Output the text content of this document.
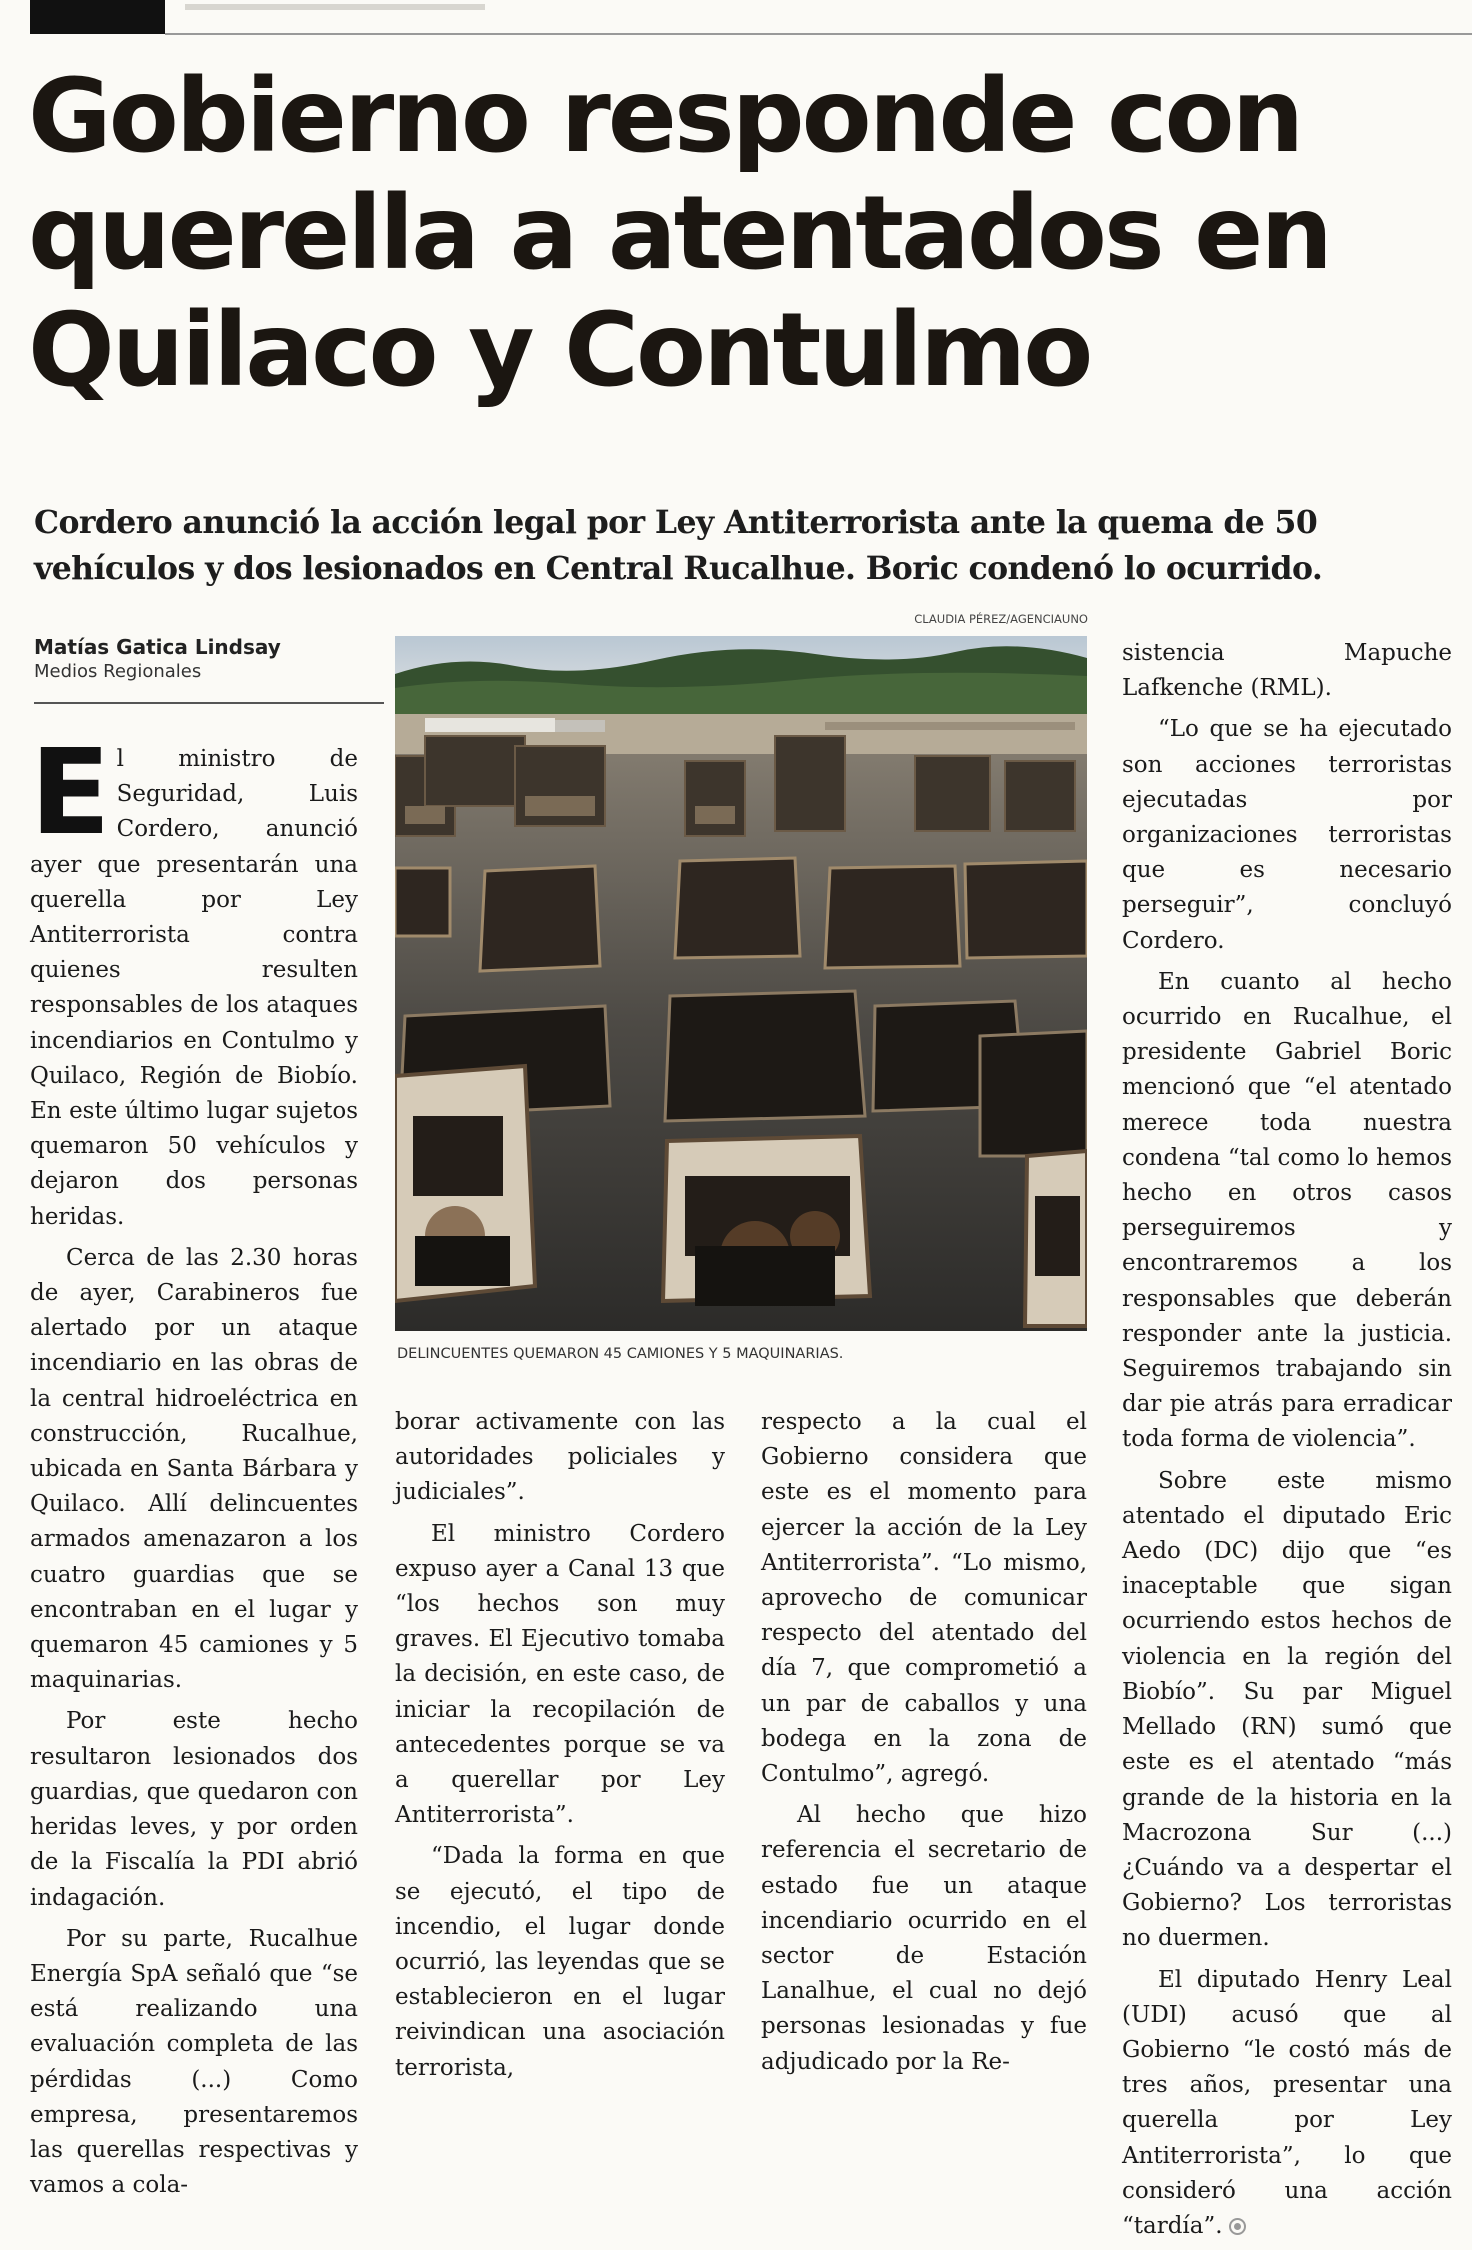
Gobierno responde con
querella a atentados en
Quilaco y Contulmo
Cordero anunció la acción legal por Ley Antiterrorista ante la quema de 50
vehículos y dos lesionados en Central Rucalhue. Boric condenó lo ocurrido.
Matías Gatica Lindsay
Medios Regionales
CLAUDIA PÉREZ/AGENCIAUNO
DELINCUENTES QUEMARON 45 CAMIONES Y 5 MAQUINARIAS.

El ministro de Seguridad, Luis Cordero, anunció ayer que presentarán una querella por Ley Antiterrorista contra quienes resulten responsables de los ataques incendiarios en Contulmo y Quilaco, Región de Biobío. En este último lugar sujetos quemaron 50 vehículos y dejaron dos personas heridas.

Cerca de las 2.30 horas de ayer, Carabineros fue alertado por un ataque incendiario en las obras de la central hidroeléctrica en construcción, Rucalhue, ubicada en Santa Bárbara y Quilaco. Allí delincuentes armados amenazaron a los cuatro guardias que se encontraban en el lugar y quemaron 45 camiones y 5 maquinarias.

Por este hecho resultaron lesionados dos guardias, que quedaron con heridas leves, y por orden de la Fiscalía la PDI abrió indagación.

Por su parte, Rucalhue Energía SpA señaló que “se está realizando una evaluación completa de las pérdidas (...) Como empresa, presentaremos las querellas respectivas y vamos a cola-

borar activamente con las autoridades policiales y judiciales”.

El ministro Cordero expuso ayer a Canal 13 que “los hechos son muy graves. El Ejecutivo tomaba la decisión, en este caso, de iniciar la recopilación de antecedentes porque se va a querellar por Ley Antiterrorista”.

“Dada la forma en que se ejecutó, el tipo de incendio, el lugar donde ocurrió, las leyendas que se establecieron en el lugar reivindican una asociación terrorista,

respecto a la cual el Gobierno considera que este es el momento para ejercer la acción de la Ley Antiterrorista”. “Lo mismo, aprovecho de comunicar respecto del atentado del día 7, que comprometió a un par de caballos y una bodega en la zona de Contulmo”, agregó.

Al hecho que hizo referencia el secretario de estado fue un ataque incendiario ocurrido en el sector de Estación Lanalhue, el cual no dejó personas lesionadas y fue adjudicado por la Re-

sistencia Mapuche Lafkenche (RML).

“Lo que se ha ejecutado son acciones terroristas ejecutadas por organizaciones terroristas que es necesario perseguir”, concluyó Cordero.

En cuanto al hecho ocurrido en Rucalhue, el presidente Gabriel Boric mencionó que “el atentado merece toda nuestra condena “tal como lo hemos hecho en otros casos perseguiremos y encontraremos a los responsables que deberán responder ante la justicia. Seguiremos trabajando sin dar pie atrás para erradicar toda forma de violencia”.

Sobre este mismo atentado el diputado Eric Aedo (DC) dijo que “es inaceptable que sigan ocurriendo estos hechos de violencia en la región del Biobío”. Su par Miguel Mellado (RN) sumó que este es el atentado “más grande de la historia en la Macrozona Sur (...) ¿Cuándo va a despertar el Gobierno? Los terroristas no duermen.

El diputado Henry Leal (UDI) acusó que al Gobierno “le costó más de tres años, presentar una querella por Ley Antiterrorista”, lo que consideró una acción “tardía”.
